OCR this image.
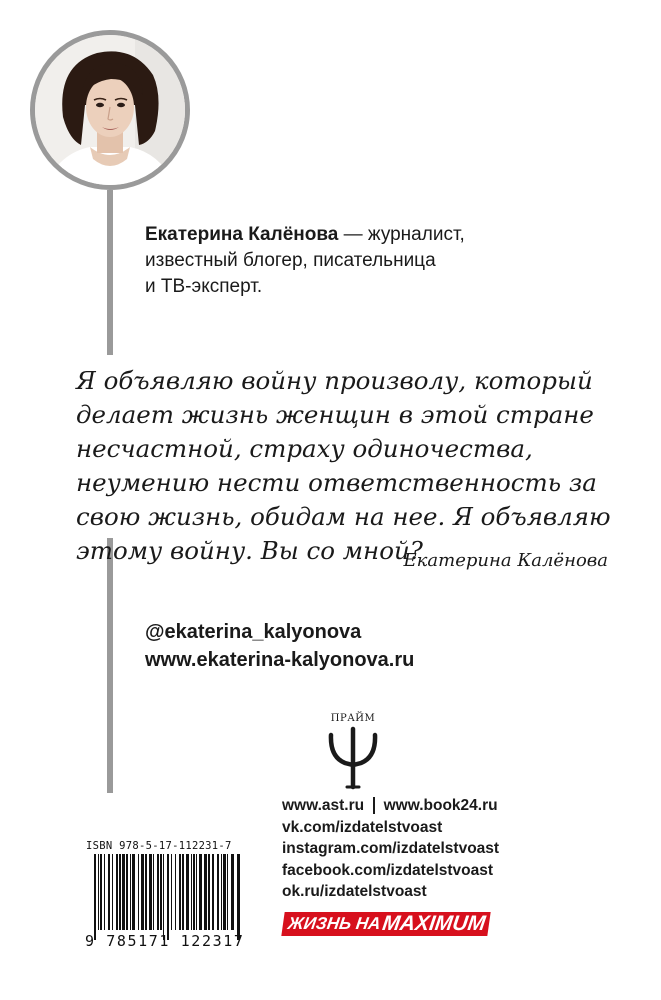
Екатерина Калёнова — журналист,
известный блогер, писательница
и ТВ-эксперт.
Я объявляю войну произволу, который
делает жизнь женщин в этой стране
несчастной, страху одиночества,
неумению нести ответственность за
свою жизнь, обидам на нее. Я объявляю
этому войну. Вы со мной?
Екатерина Калёнова
@ekaterina_kalyonova
www.ekaterina-kalyonova.ru
ПРАЙМ
www.ast.ru www.book24.ru
vk.com/izdatelstvoast
instagram.com/izdatelstvoast
facebook.com/izdatelstvoast
ok.ru/izdatelstvoast
ЖИЗНЬ НА MAXIMUM
ISBN 978-5-17-112231-7
9 785171 122317
